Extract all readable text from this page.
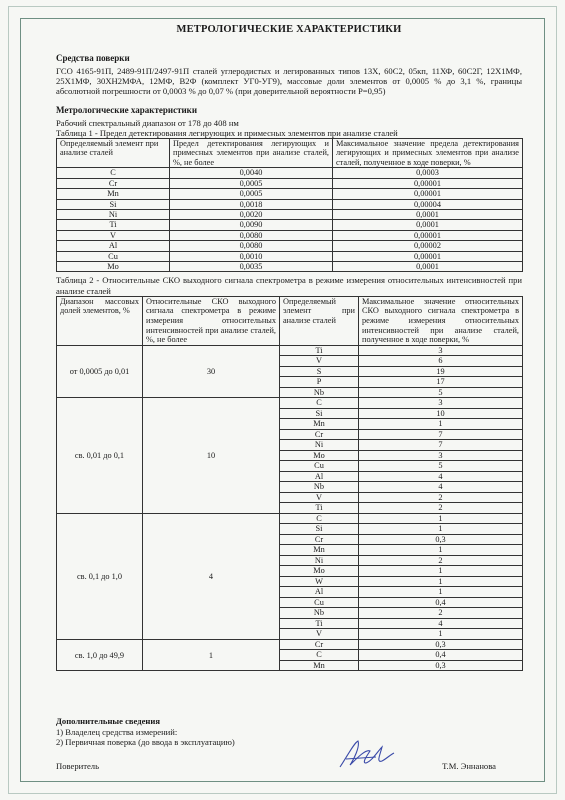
МЕТРОЛОГИЧЕСКИЕ ХАРАКТЕРИСТИКИ
Средства поверки

ГСО 4165-91П, 2489-91П/2497-91П сталей углеродистых и легированных типов 13Х, 60С2, 05кп, 11ХФ, 60С2Г, 12Х1МФ, 25Х1МФ, 30ХН2МФА, 12МФ, В2Ф (комплект УГ0-УГ9), массовые доли элементов от 0,0005 % до 3,1 %, границы абсолютной погрешности от 0,0003 % до 0,07 % (при доверительной вероятности Р=0,95)

Метрологические характеристики

Рабочий спектральный диапазон от 178 до 408 нм

Таблица 1 - Предел детектирования легирующих и примесных элементов при анализе сталей

Определяемый элемент при анализе сталей	Предел детектирования легирующих и примесных элементов при анализе сталей, %, не более	Максимальное значение предела детектирования легирующих и примесных элементов при анализе сталей, полученное в ходе поверки, %
C	0,0040	0,0003
Cr	0,0005	0,00001
Mn	0,0005	0,00001
Si	0,0018	0,00004
Ni	0,0020	0,0001
Ti	0,0090	0,0001
V	0,0080	0,00001
Al	0,0080	0,00002
Cu	0,0010	0,00001
Mo	0,0035	0,0001

Таблица 2 - Относительные СКО выходного сигнала спектрометра в режиме измерения относительных интенсивностей при анализе сталей

Диапазон массовых долей элементов, %	Относительные СКО выходного сигнала спектрометра в режиме измерения относительных интенсивностей при анализе сталей, %, не более	Определяемый элемент при анализе сталей	Максимальное значение относительных СКО выходного сигнала спектрометра в режиме измерения относительных интенсивностей при анализе сталей, полученное в ходе поверки, %
от 0,0005 до 0,01	30	Ti	3
		V	6
		S	19
		P	17
		Nb	5
св. 0,01 до 0,1	10	C	3
		Si	10
		Mn	1
		Cr	7
		Ni	7
		Mo	3
		Cu	5
		Al	4
		Nb	4
		V	2
		Ti	2
св. 0,1 до 1,0	4	C	1
		Si	1
		Cr	0,3
		Mn	1
		Ni	2
		Mo	1
		W	1
		Al	1
		Cu	0,4
		Nb	2
		Ti	4
		V	1
св. 1,0 до 49,9	1	Cr	0,3
		C	0,4
		Mn	0,3
Дополнительные сведения
1) Владелец средства измерений:
2) Первичная поверка (до ввода в эксплуатацию)
Поверитель	Т.М. Эннанова
